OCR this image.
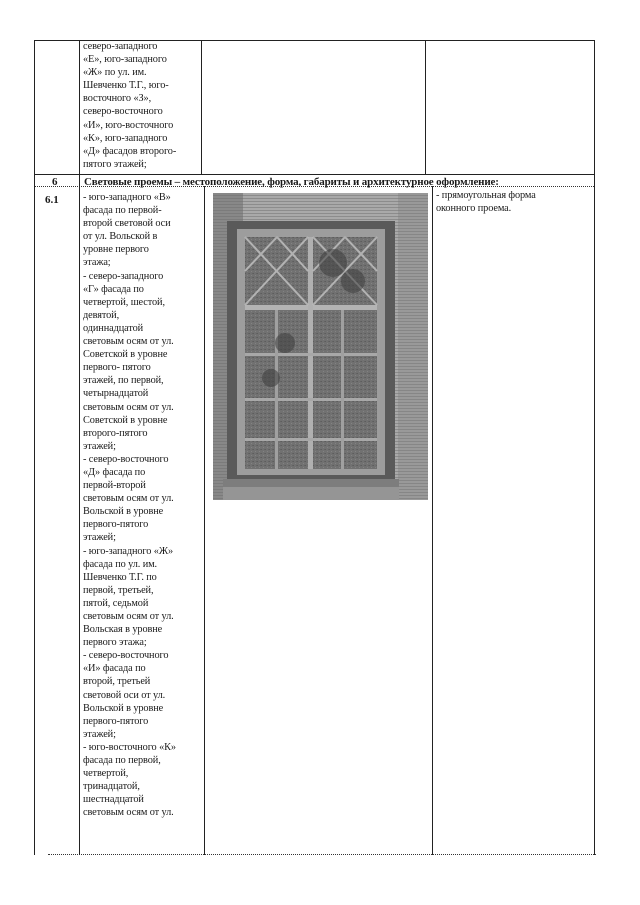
северо-западного
«Е», юго-западного
«Ж» по ул. им.
Шевченко Т.Г., юго-
восточного «З»,
северо-восточного
«И», юго-восточного
«К», юго-западного
«Д» фасадов второго-
пятого этажей;
6 Световые проемы – местоположение, форма, габариты и архитектурное оформление:
6.1 - юго-западного «В»
фасада по первой-
второй световой оси
от ул. Вольской в
уровне первого
этажа;
- северо-западного
«Г» фасада по
четвертой, шестой,
девятой,
одиннадцатой
световым осям от ул.
Советской в уровне
первого- пятого
этажей, по первой,
четырнадцатой
световым осям от ул.
Советской в уровне
второго-пятого
этажей;
- северо-восточного
«Д» фасада по
первой-второй
световым осям от ул.
Вольской в уровне
первого-пятого
этажей;
- юго-западного «Ж»
фасада по ул. им.
Шевченко Т.Г. по
первой, третьей,
пятой, седьмой
световым осям от ул.
Вольская в уровне
первого этажа;
- северо-восточного
«И» фасада по
второй, третьей
световой оси от ул.
Вольской в уровне
первого-пятого
этажей;
- юго-восточного «К»
фасада по первой,
четвертой,
тринадцатой,
шестнадцатой
световым осям от ул.
- прямоугольная форма
оконного проема.
